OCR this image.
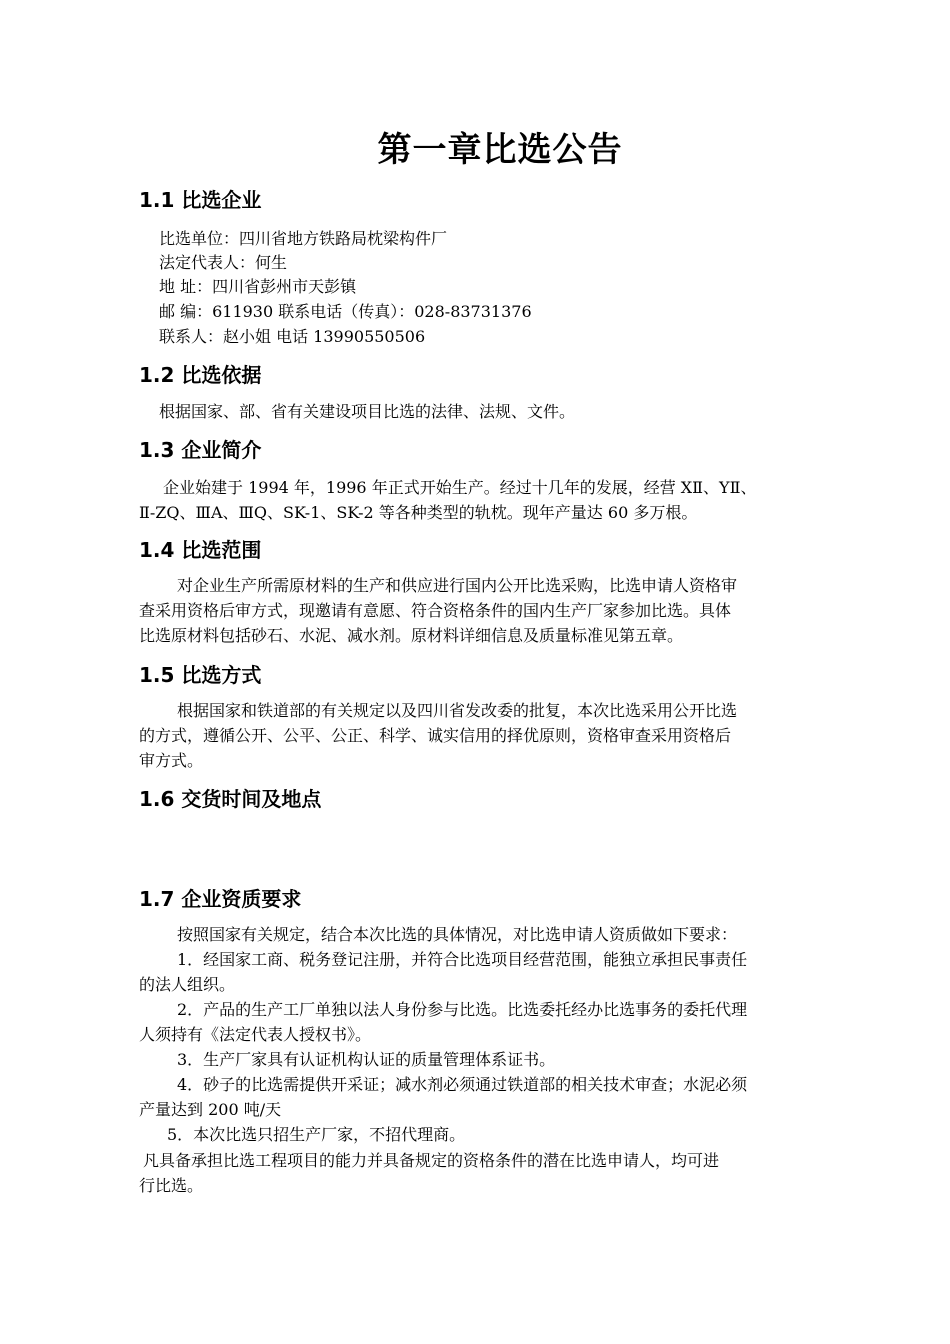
第一章比选公告
1.1 比选企业

比选单位：四川省地方铁路局枕梁构件厂

法定代表人：何生

地 址：四川省彭州市天彭镇

邮 编：611930 联系电话（传真）：028-83731376

联系人：赵小姐 电话 13990550506

1.2 比选依据

根据国家、部、省有关建设项目比选的法律、法规、文件。

1.3 企业简介

企业始建于 1994 年，1996 年正式开始生产。经过十几年的发展，经营 XⅡ、YⅡ、

Ⅱ-ZQ、ⅢA、ⅢQ、SK-1、SK-2 等各种类型的轨枕。现年产量达 60 多万根。

1.4 比选范围

对企业生产所需原材料的生产和供应进行国内公开比选采购，比选申请人资格审

查采用资格后审方式，现邀请有意愿、符合资格条件的国内生产厂家参加比选。具体

比选原材料包括砂石、水泥、减水剂。原材料详细信息及质量标准见第五章。

1.5 比选方式

根据国家和铁道部的有关规定以及四川省发改委的批复，本次比选采用公开比选

的方式，遵循公开、公平、公正、科学、诚实信用的择优原则，资格审查采用资格后

审方式。

1.6 交货时间及地点
1.7 企业资质要求

按照国家有关规定，结合本次比选的具体情况，对比选申请人资质做如下要求：

1．经国家工商、税务登记注册，并符合比选项目经营范围，能独立承担民事责任

的法人组织。

2．产品的生产工厂单独以法人身份参与比选。比选委托经办比选事务的委托代理

人须持有《法定代表人授权书》。

3．生产厂家具有认证机构认证的质量管理体系证书。

4．砂子的比选需提供开采证；减水剂必须通过铁道部的相关技术审查；水泥必须

产量达到 200 吨/天

5．本次比选只招生产厂家，不招代理商。

凡具备承担比选工程项目的能力并具备规定的资格条件的潜在比选申请人，均可进

行比选。
